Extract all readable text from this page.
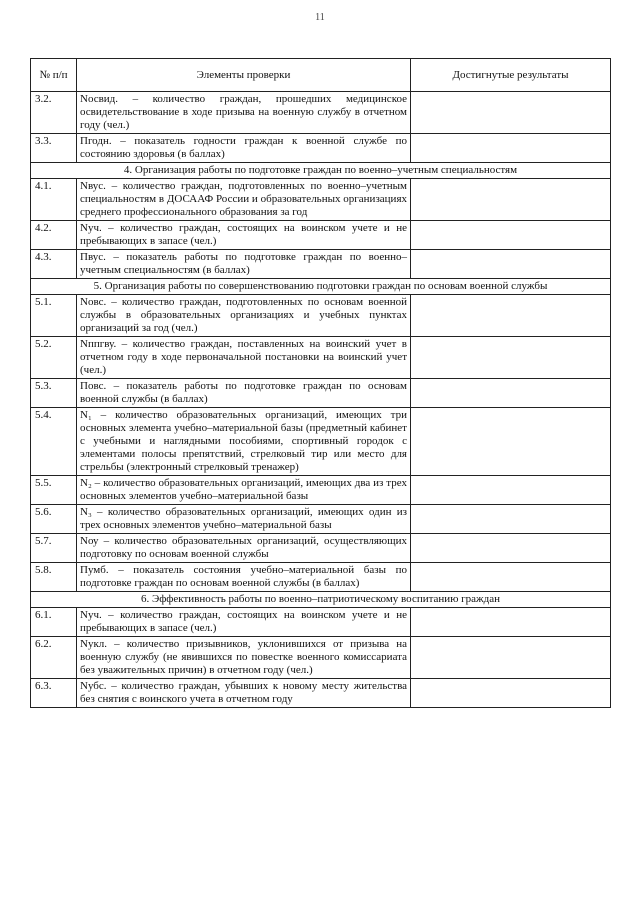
11
№ п/п	Элементы проверки	Достигнутые результаты
3.2.	Nосвид. – количество граждан, прошедших медицинское освидетельствование в ходе призыва на военную службу в отчетном году (чел.)	
3.3.	Пгодн. – показатель годности граждан к военной службе по состоянию здоровья (в баллах)	
4. Организация работы по подготовке граждан по военно–учетным специальностям		
4.1.	Nвус. – количество граждан, подготовленных по военно–учетным специальностям в ДОСААФ России и образовательных организациях среднего профессионального образования за год	
4.2.	Nуч. – количество граждан, состоящих на воинском учете и не пребывающих в запасе (чел.)	
4.3.	Пвус. – показатель работы по подготовке граждан по военно–учетным специальностям (в баллах)	
5. Организация работы по совершенствованию подготовки граждан по основам военной службы		
5.1.	Nовс. – количество граждан, подготовленных по основам военной службы в образовательных организациях и учебных пунктах организаций за год (чел.)	
5.2.	Nппгву. – количество граждан, поставленных на воинский учет в отчетном году в ходе первоначальной постановки на воинский учет (чел.)	
5.3.	Повс. – показатель работы по подготовке граждан по основам военной службы (в баллах)	
5.4.	N₁ – количество образовательных организаций, имеющих три основных элемента учебно–материальной базы (предметный кабинет с учебными и наглядными пособиями, спортивный городок с элементами полосы препятствий, стрелковый тир или место для стрельбы (электронный стрелковый тренажер)	
5.5.	N₂ – количество образовательных организаций, имеющих два из трех основных элементов учебно–материальной базы	
5.6.	N₃ – количество образовательных организаций, имеющих один из трех основных элементов учебно–материальной базы	
5.7.	Nоу – количество образовательных организаций, осуществляющих подготовку по основам военной службы	
5.8.	Пумб. – показатель состояния учебно–материальной базы по подготовке граждан по основам военной службы (в баллах)	
6. Эффективность работы по военно–патриотическому воспитанию граждан		
6.1.	Nуч. – количество граждан, состоящих на воинском учете и не пребывающих в запасе (чел.)	
6.2.	Nукл. – количество призывников, уклонившихся от призыва на военную службу (не явившихся по повестке военного комиссариата без уважительных причин) в отчетном году (чел.)	
6.3.	Nубс. – количество граждан, убывших к новому месту жительства без снятия с воинского учета в отчетном году	
